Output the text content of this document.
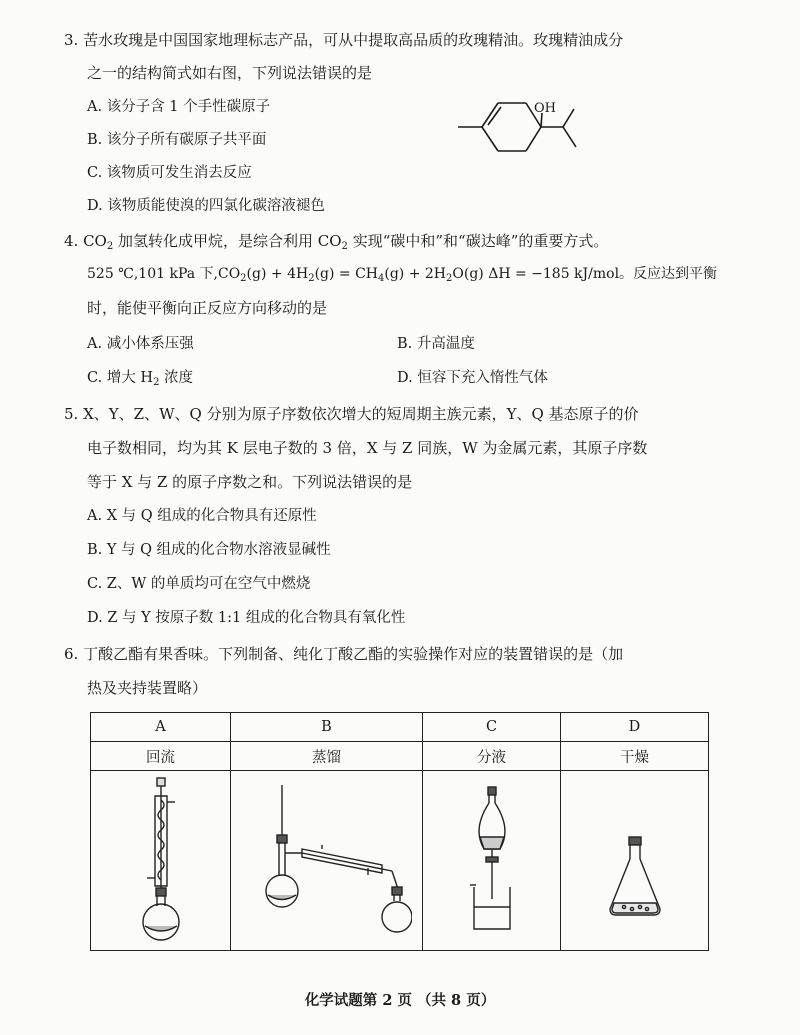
3. 苦水玫瑰是中国国家地理标志产品，可从中提取高品质的玫瑰精油。玫瑰精油成分
之一的结构简式如右图，下列说法错误的是
A. 该分子含 1 个手性碳原子
B. 该分子所有碳原子共平面
C. 该物质可发生消去反应
D. 该物质能使溴的四氯化碳溶液褪色
OH
4. $CO_2$ 加氢转化成甲烷，是综合利用 $CO_2$ 实现“碳中和”和“碳达峰”的重要方式。
525 ℃,101 kPa 下$,CO_2(g) + 4H_2(g) = CH_4(g) + 2H_2O(g) \Delta H = -185$ kJ/mol。反应达到平衡
时，能使平衡向正反应方向移动的是
A. 减小体系压强	B. 升高温度
C. 增大 $H_2$ 浓度	D. 恒容下充入惰性气体
5. X、Y、Z、W、Q 分别为原子序数依次增大的短周期主族元素，Y、Q 基态原子的价
电子数相同，均为其 K 层电子数的 3 倍，X 与 Z 同族，W 为金属元素，其原子序数
等于 X 与 Z 的原子序数之和。下列说法错误的是
A. X 与 Q 组成的化合物具有还原性
B. Y 与 Q 组成的化合物水溶液显碱性
C. Z、W 的单质均可在空气中燃烧
D. Z 与 Y 按原子数 1:1 组成的化合物具有氧化性
6. 丁酸乙酯有果香味。下列制备、纯化丁酸乙酯的实验操作对应的装置错误的是（加
热及夹持装置略）
A	B	C	D
回流	蒸馏	分液	干燥

化学试题第 2 页 （共 8 页）
